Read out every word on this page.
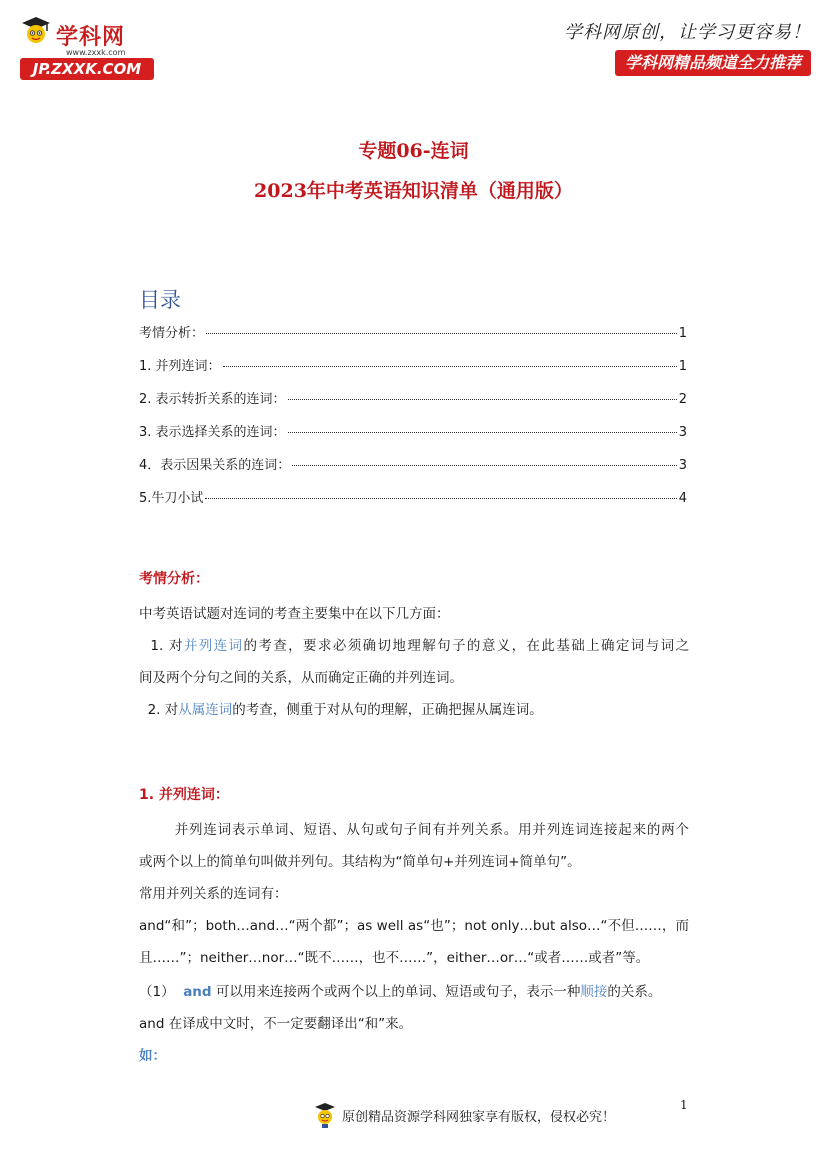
学科网
www.zxxk.com
JP.ZXXK.COM
学科网原创，让学习更容易！
学科网精品频道全力推荐
专题06-连词
2023年中考英语知识清单（通用版）
目录
考情分析：	1
1. 并列连词：	1
2. 表示转折关系的连词：	2
3. 表示选择关系的连词：	3
4．表示因果关系的连词：	3
5.牛刀小试	4
考情分析：
中考英语试题对连词的考查主要集中在以下几方面：
1. 对并列连词的考查，要求必须确切地理解句子的意义，在此基础上确定词与词之
间及两个分句之间的关系，从而确定正确的并列连词。
2. 对从属连词的考查，侧重于对从句的理解，正确把握从属连词。
1. 并列连词：
并列连词表示单词、短语、从句或句子间有并列关系。用并列连词连接起来的两个
或两个以上的简单句叫做并列句。其结构为“简单句+并列连词+简单句”。
常用并列关系的连词有：
and“和”；both…and…“两个都”；as well as“也”；not only…but also…“不但……，而
且……”；neither…nor…“既不……，也不……”，either…or…“或者……或者”等。
（1） and 可以用来连接两个或两个以上的单词、短语或句子，表示一种顺接的关系。
and 在译成中文时，不一定要翻译出“和”来。
如：
1
原创精品资源学科网独家享有版权，侵权必究！
